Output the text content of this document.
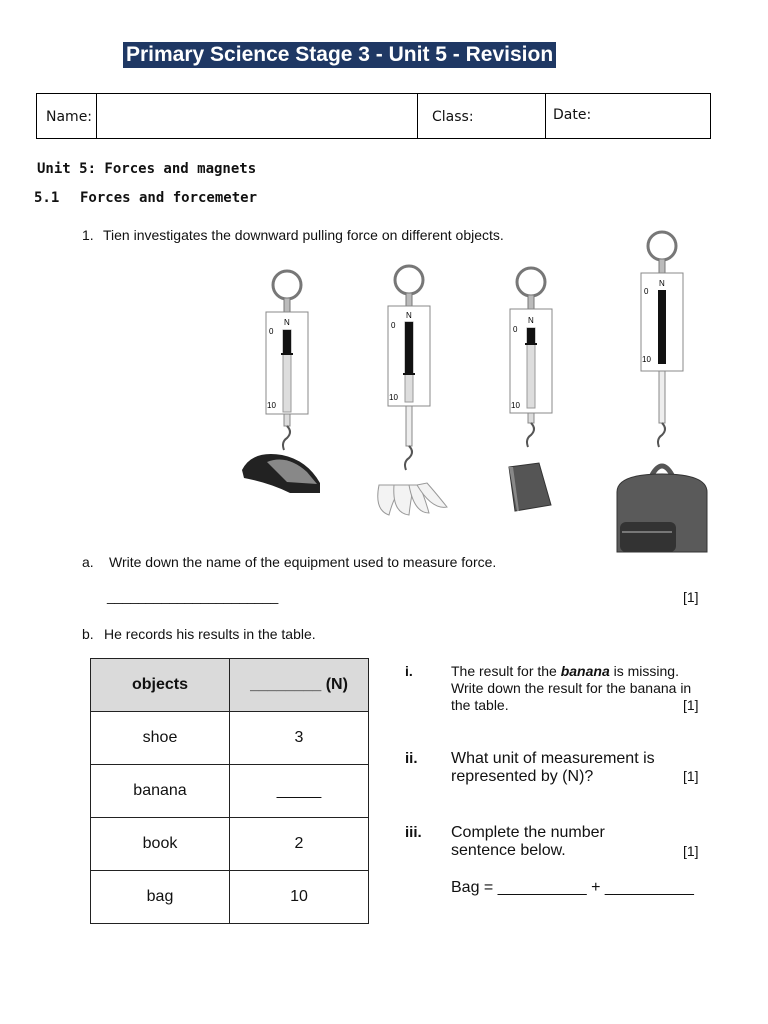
Primary Science Stage 3 - Unit 5 - Revision
Name:	Class:	Date:
Unit 5: Forces and magnets
5.1 Forces and forcemeter
1. Tien investigates the downward pulling force on different objects.
0
10
N	0
10
N
0
10
N
0
10
N
a. Write down the name of the equipment used to measure force.
______________________	[1]
b. He records his results in the table.
objects	________ (N)
shoe	3
banana	_____
book	2
bag	10
i.	The result for the banana is missing. Write down the result for the banana in the table.	[1]
ii. What unit of measurement is represented by (N)?	[1]
iii. Complete the number sentence below.	[1]
Bag = __________ + __________
